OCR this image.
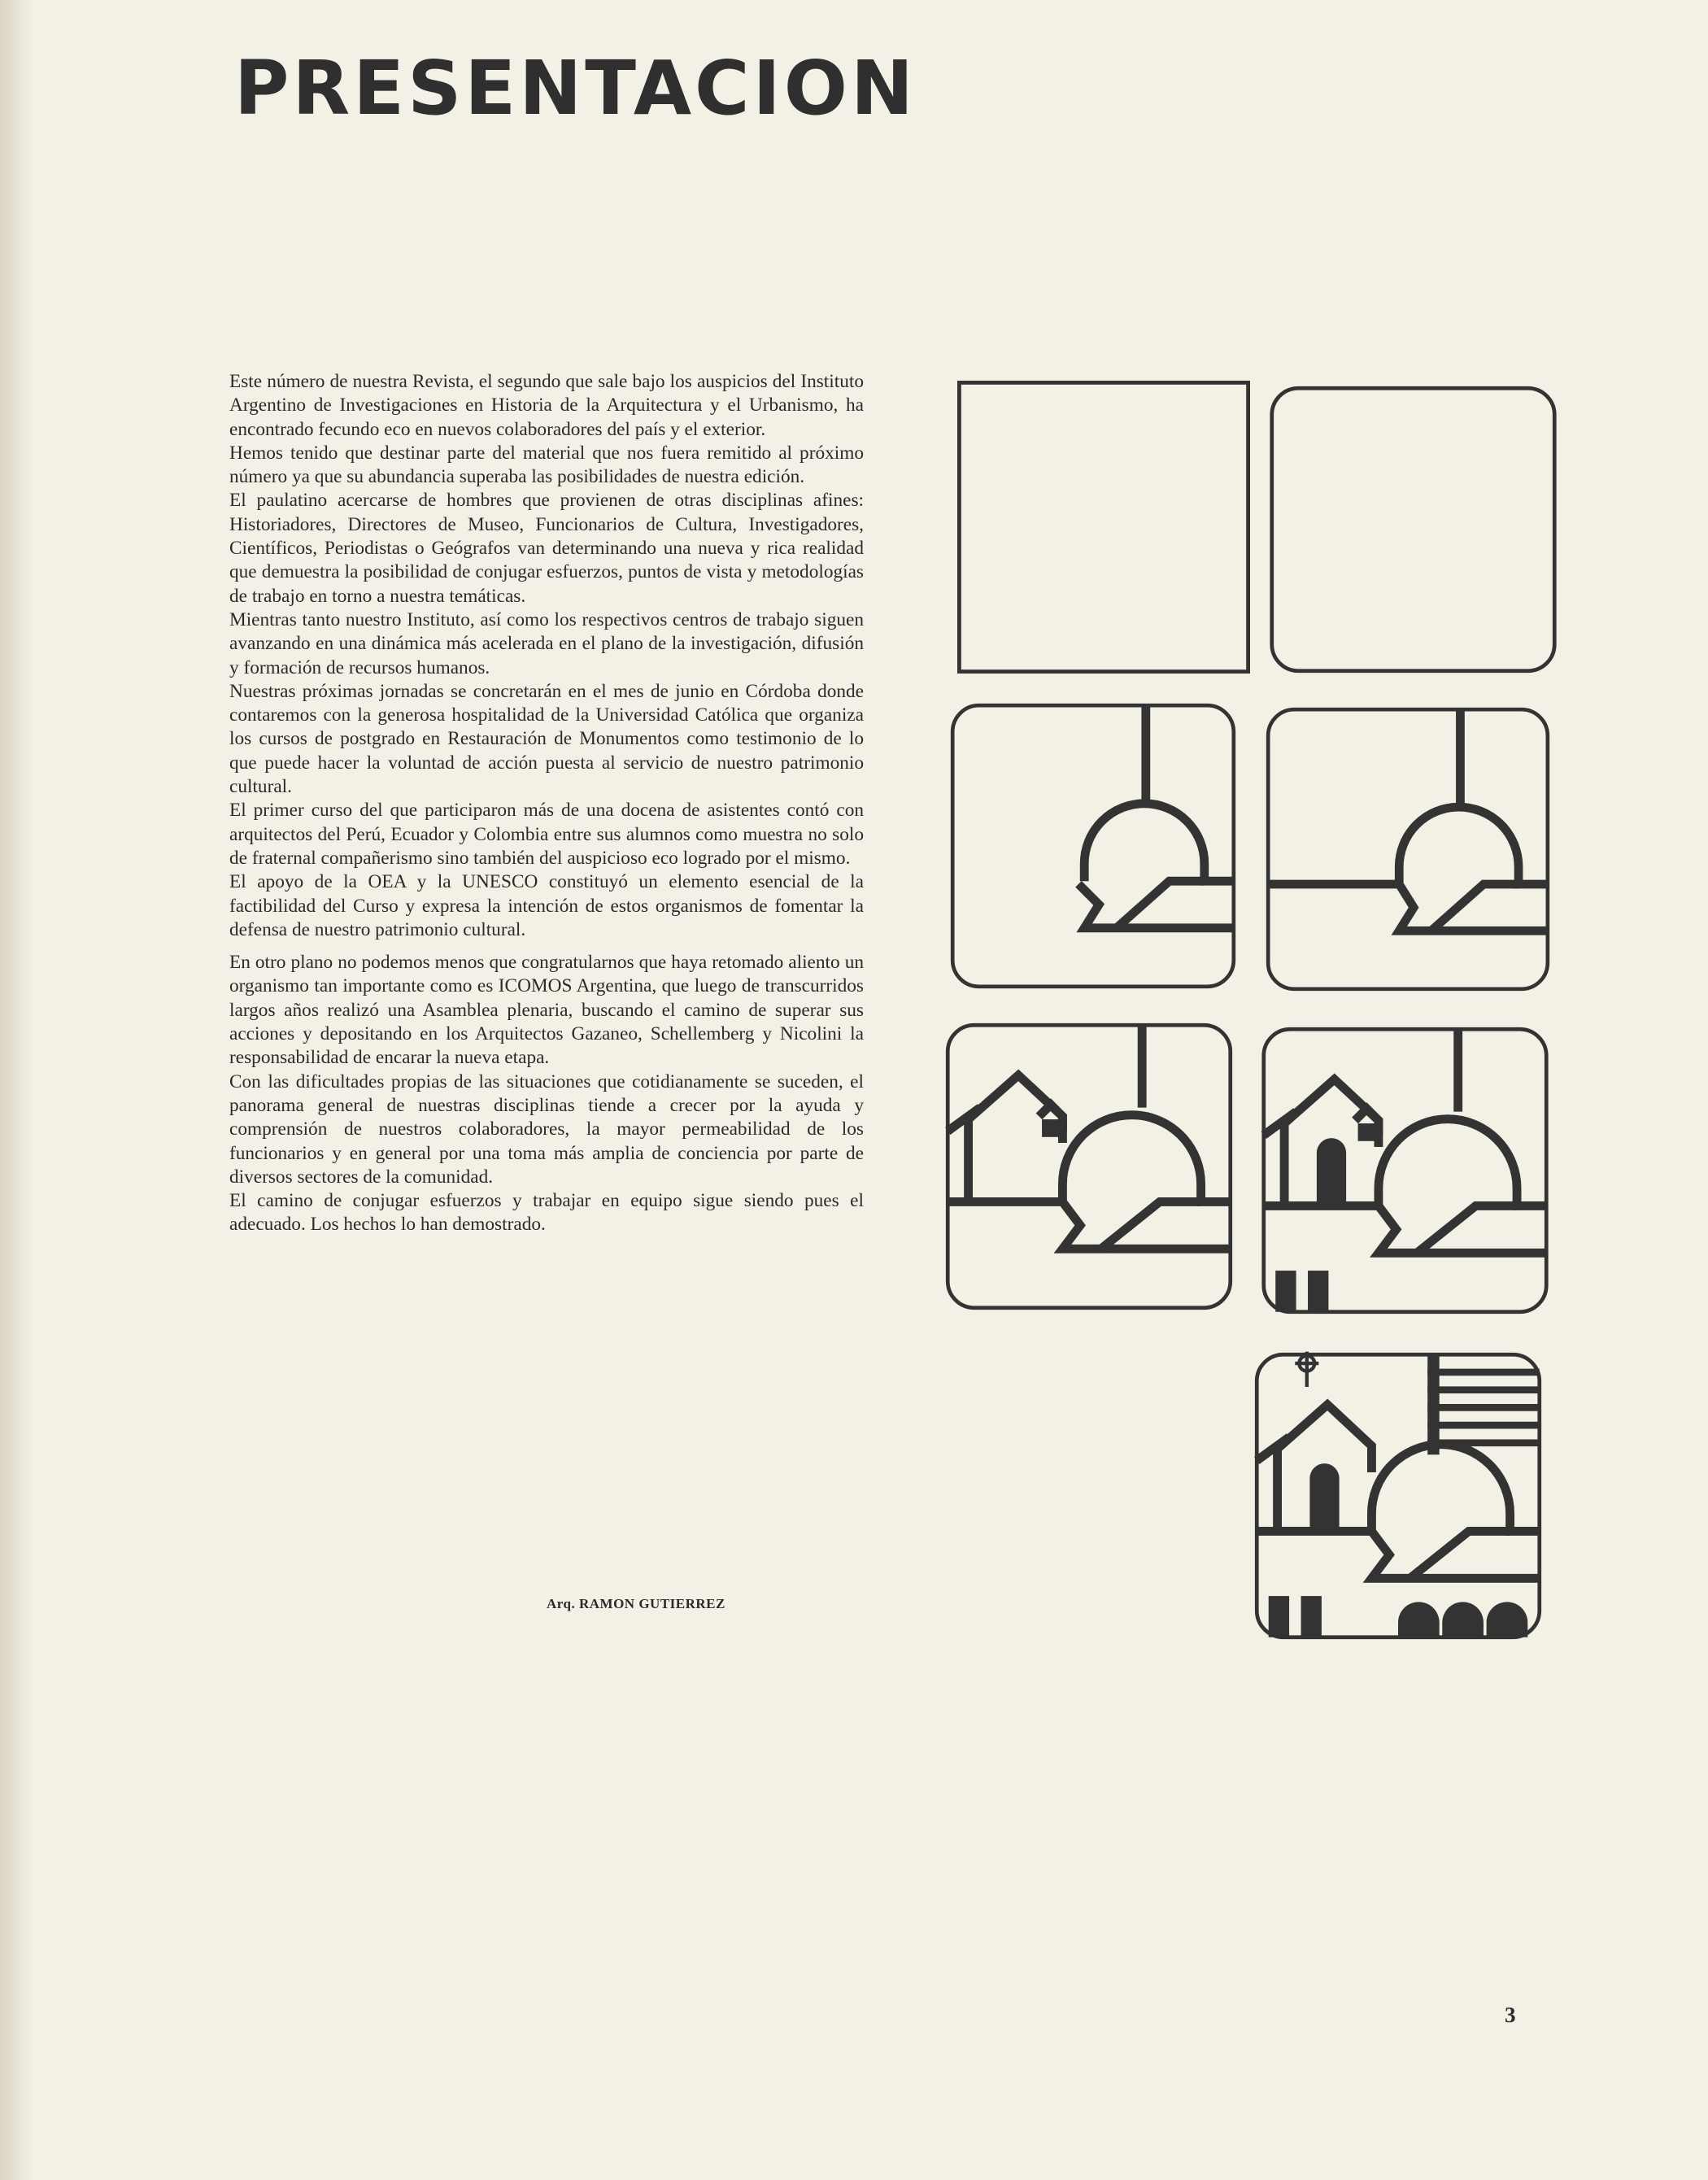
PRESENTACION

Este número de nuestra Revista, el segundo que sale bajo los auspicios del Instituto Argentino de Investigaciones en Historia de la Arquitectura y el Urbanismo, ha encontrado fecundo eco en nuevos colaboradores del país y el exterior.

Hemos tenido que destinar parte del material que nos fuera remitido al próximo número ya que su abundancia superaba las posibilidades de nuestra edición.

El paulatino acercarse de hombres que provienen de otras disciplinas afines: Historiadores, Directores de Museo, Funcionarios de Cultura, Investigadores, Científicos, Periodistas o Geógrafos van determinando una nueva y rica realidad que demuestra la posibilidad de conjugar esfuerzos, puntos de vista y metodologías de trabajo en torno a nuestra temáticas.

Mientras tanto nuestro Instituto, así como los respectivos centros de trabajo siguen avanzando en una dinámica más acelerada en el plano de la investigación, difusión y formación de recursos humanos.

Nuestras próximas jornadas se concretarán en el mes de junio en Córdoba donde contaremos con la generosa hospitalidad de la Universidad Católica que organiza los cursos de postgrado en Restauración de Monumentos como testimonio de lo que puede hacer la voluntad de acción puesta al servicio de nuestro patrimonio cultural.

El primer curso del que participaron más de una docena de asistentes contó con arquitectos del Perú, Ecuador y Colombia entre sus alumnos como muestra no solo de fraternal compañerismo sino también del auspicioso eco logrado por el mismo.

El apoyo de la OEA y la UNESCO constituyó un elemento esencial de la factibilidad del Curso y expresa la intención de estos organismos de fomentar la defensa de nuestro patrimonio cultural.

En otro plano no podemos menos que congratularnos que haya retomado aliento un organismo tan importante como es ICOMOS Argentina, que luego de transcurridos largos años realizó una Asamblea plenaria, buscando el camino de superar sus acciones y depositando en los Arquitectos Gazaneo, Schellemberg y Nicolini la responsabilidad de encarar la nueva etapa.

Con las dificultades propias de las situaciones que cotidianamente se suceden, el panorama general de nuestras disciplinas tiende a crecer por la ayuda y comprensión de nuestros colaboradores, la mayor permeabilidad de los funcionarios y en general por una toma más amplia de conciencia por parte de diversos sectores de la comunidad.

El camino de conjugar esfuerzos y trabajar en equipo sigue siendo pues el adecuado. Los hechos lo han demostrado.

Arq. RAMON GUTIERREZ
3
